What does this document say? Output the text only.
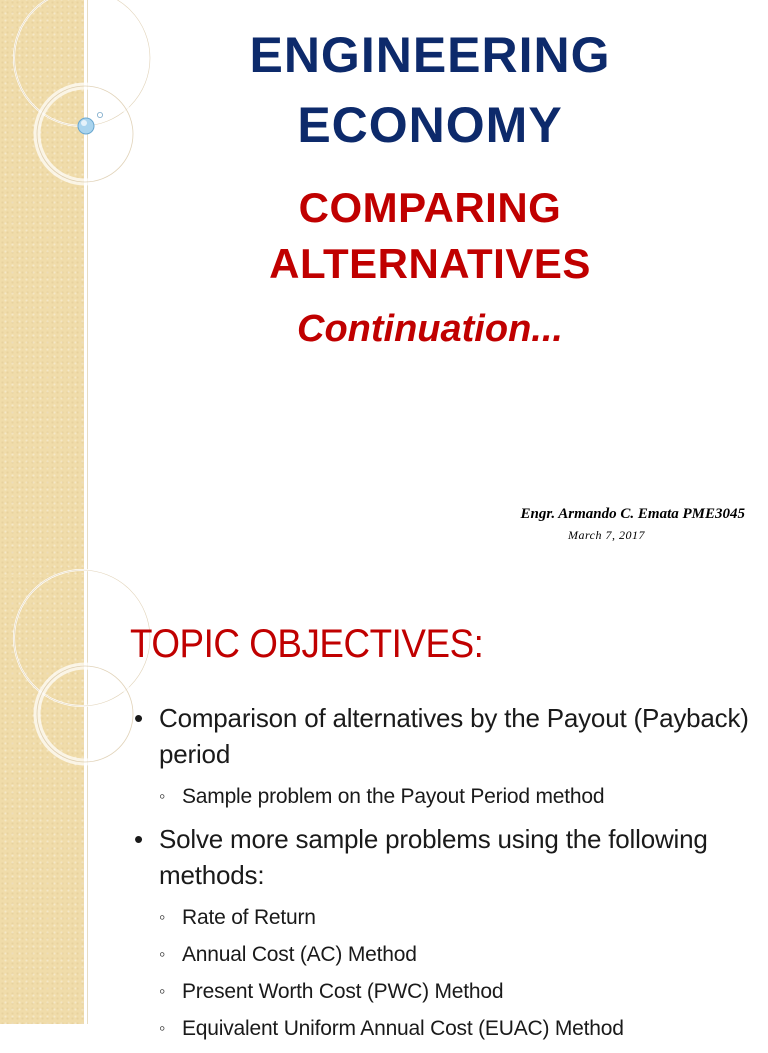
ENGINEERING
ECONOMY
COMPARING
ALTERNATIVES

Continuation...

Engr. Armando C. Emata PME3045
March 7, 2017
TOPIC OBJECTIVES:
• Comparison of alternatives by the Payout (Payback) period
◦ Sample problem on the Payout Period method
• Solve more sample problems using the following methods:
◦ Rate of Return
◦ Annual Cost (AC) Method
◦ Present Worth Cost (PWC) Method
◦ Equivalent Uniform Annual Cost (EUAC) Method
